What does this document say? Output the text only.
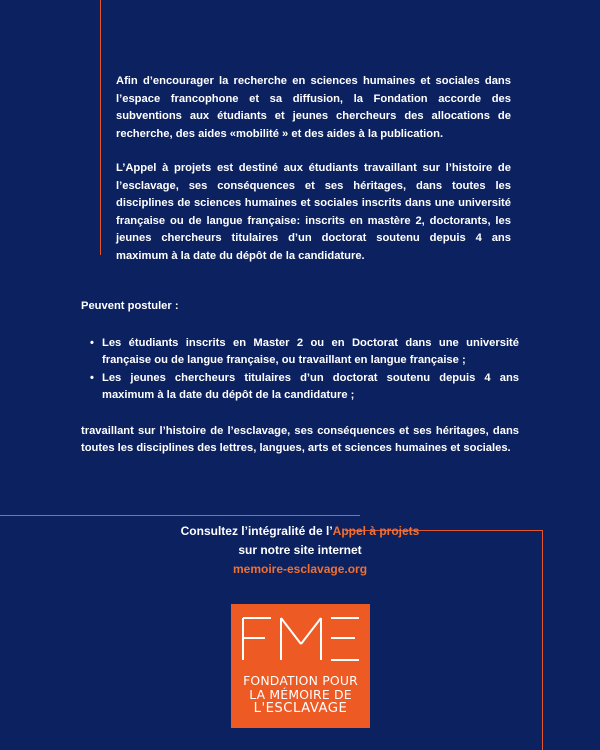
Afin d’encourager la recherche en sciences humaines et sociales dans l’espace francophone et sa diffusion, la Fondation accorde des subventions aux étudiants et jeunes chercheurs des allocations de recherche, des aides «mobilité » et des aides à la publication.

L’Appel à projets est destiné aux étudiants travaillant sur l’histoire de l’esclavage, ses conséquences et ses héritages, dans toutes les disciplines de sciences humaines et sociales inscrits dans une université française ou de langue française: inscrits en mastère 2, doctorants, les jeunes chercheurs titulaires d’un doctorat soutenu depuis 4 ans maximum à la date du dépôt de la candidature.

Peuvent postuler :

• Les étudiants inscrits en Master 2 ou en Doctorat dans une université française ou de langue française, ou travaillant en langue française ;
• Les jeunes chercheurs titulaires d’un doctorat soutenu depuis 4 ans maximum à la date du dépôt de la candidature ;

travaillant sur l’histoire de l’esclavage, ses conséquences et ses héritages, dans toutes les disciplines des lettres, langues, arts et sciences humaines et sociales.

Consultez l’intégralité de l’Appel à projets
sur notre site internet
memoire-esclavage.org
FONDATION POUR
LA MÉMOIRE DE
L'ESCLAVAGE
